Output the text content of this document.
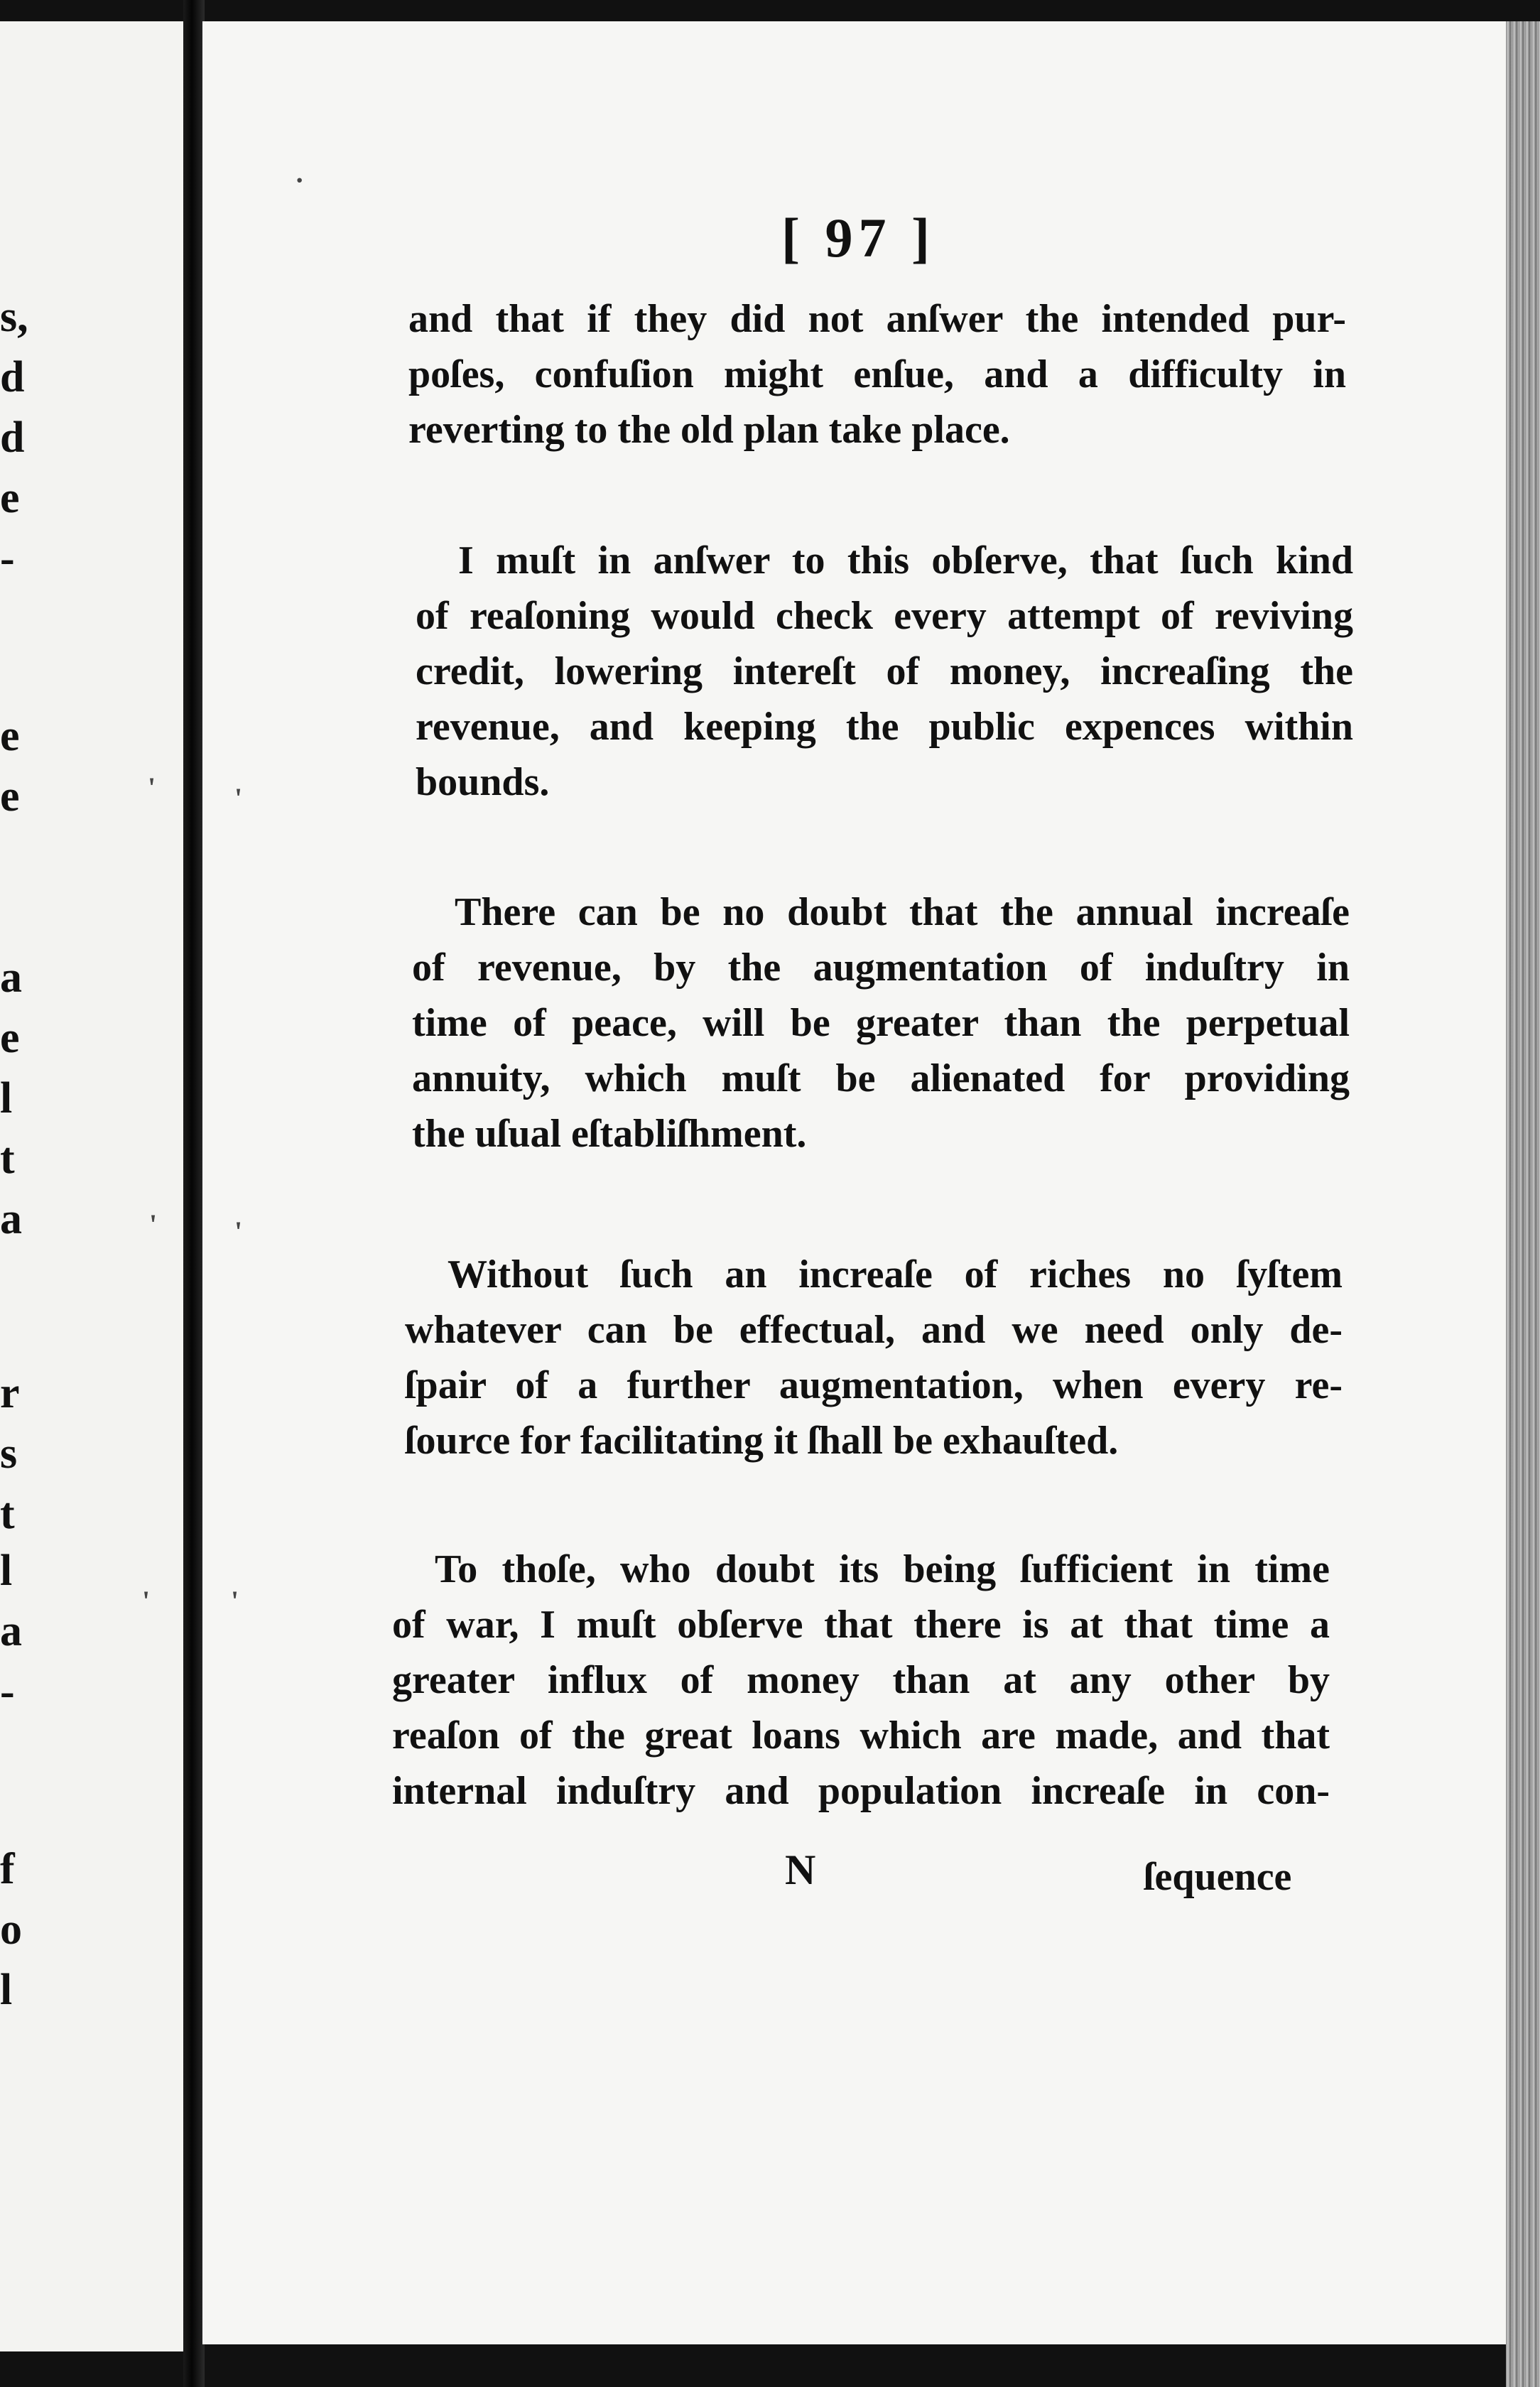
s,
d
d
e
-
e
e
a
e
l
t
a
r
s
t
l
a
-
f
o
l
[ 97 ]
and that if they did not anſwer the intended pur-
poſes, confuſion might enſue, and a difficulty in
reverting to the old plan take place.
I muſt in anſwer to this obſerve, that ſuch kind
of reaſoning would check every attempt of reviving
credit, lowering intereſt of money, increaſing the
revenue, and keeping the public expences within
bounds.
There can be no doubt that the annual increaſe
of revenue, by the augmentation of induſtry in
time of peace, will be greater than the perpetual
annuity, which muſt be alienated for providing
the uſual eſtabliſhment.
Without ſuch an increaſe of riches no ſyſtem
whatever can be effectual, and we need only de-
ſpair of a further augmentation, when every re-
ſource for facilitating it ſhall be exhauſted.
To thoſe, who doubt its being ſufficient in time
of war, I muſt obſerve that there is at that time a
greater influx of money than at any other by
reaſon of the great loans which are made, and that
internal induſtry and population increaſe in con-
N	ſequence
·
'	'
'	'
'	'
